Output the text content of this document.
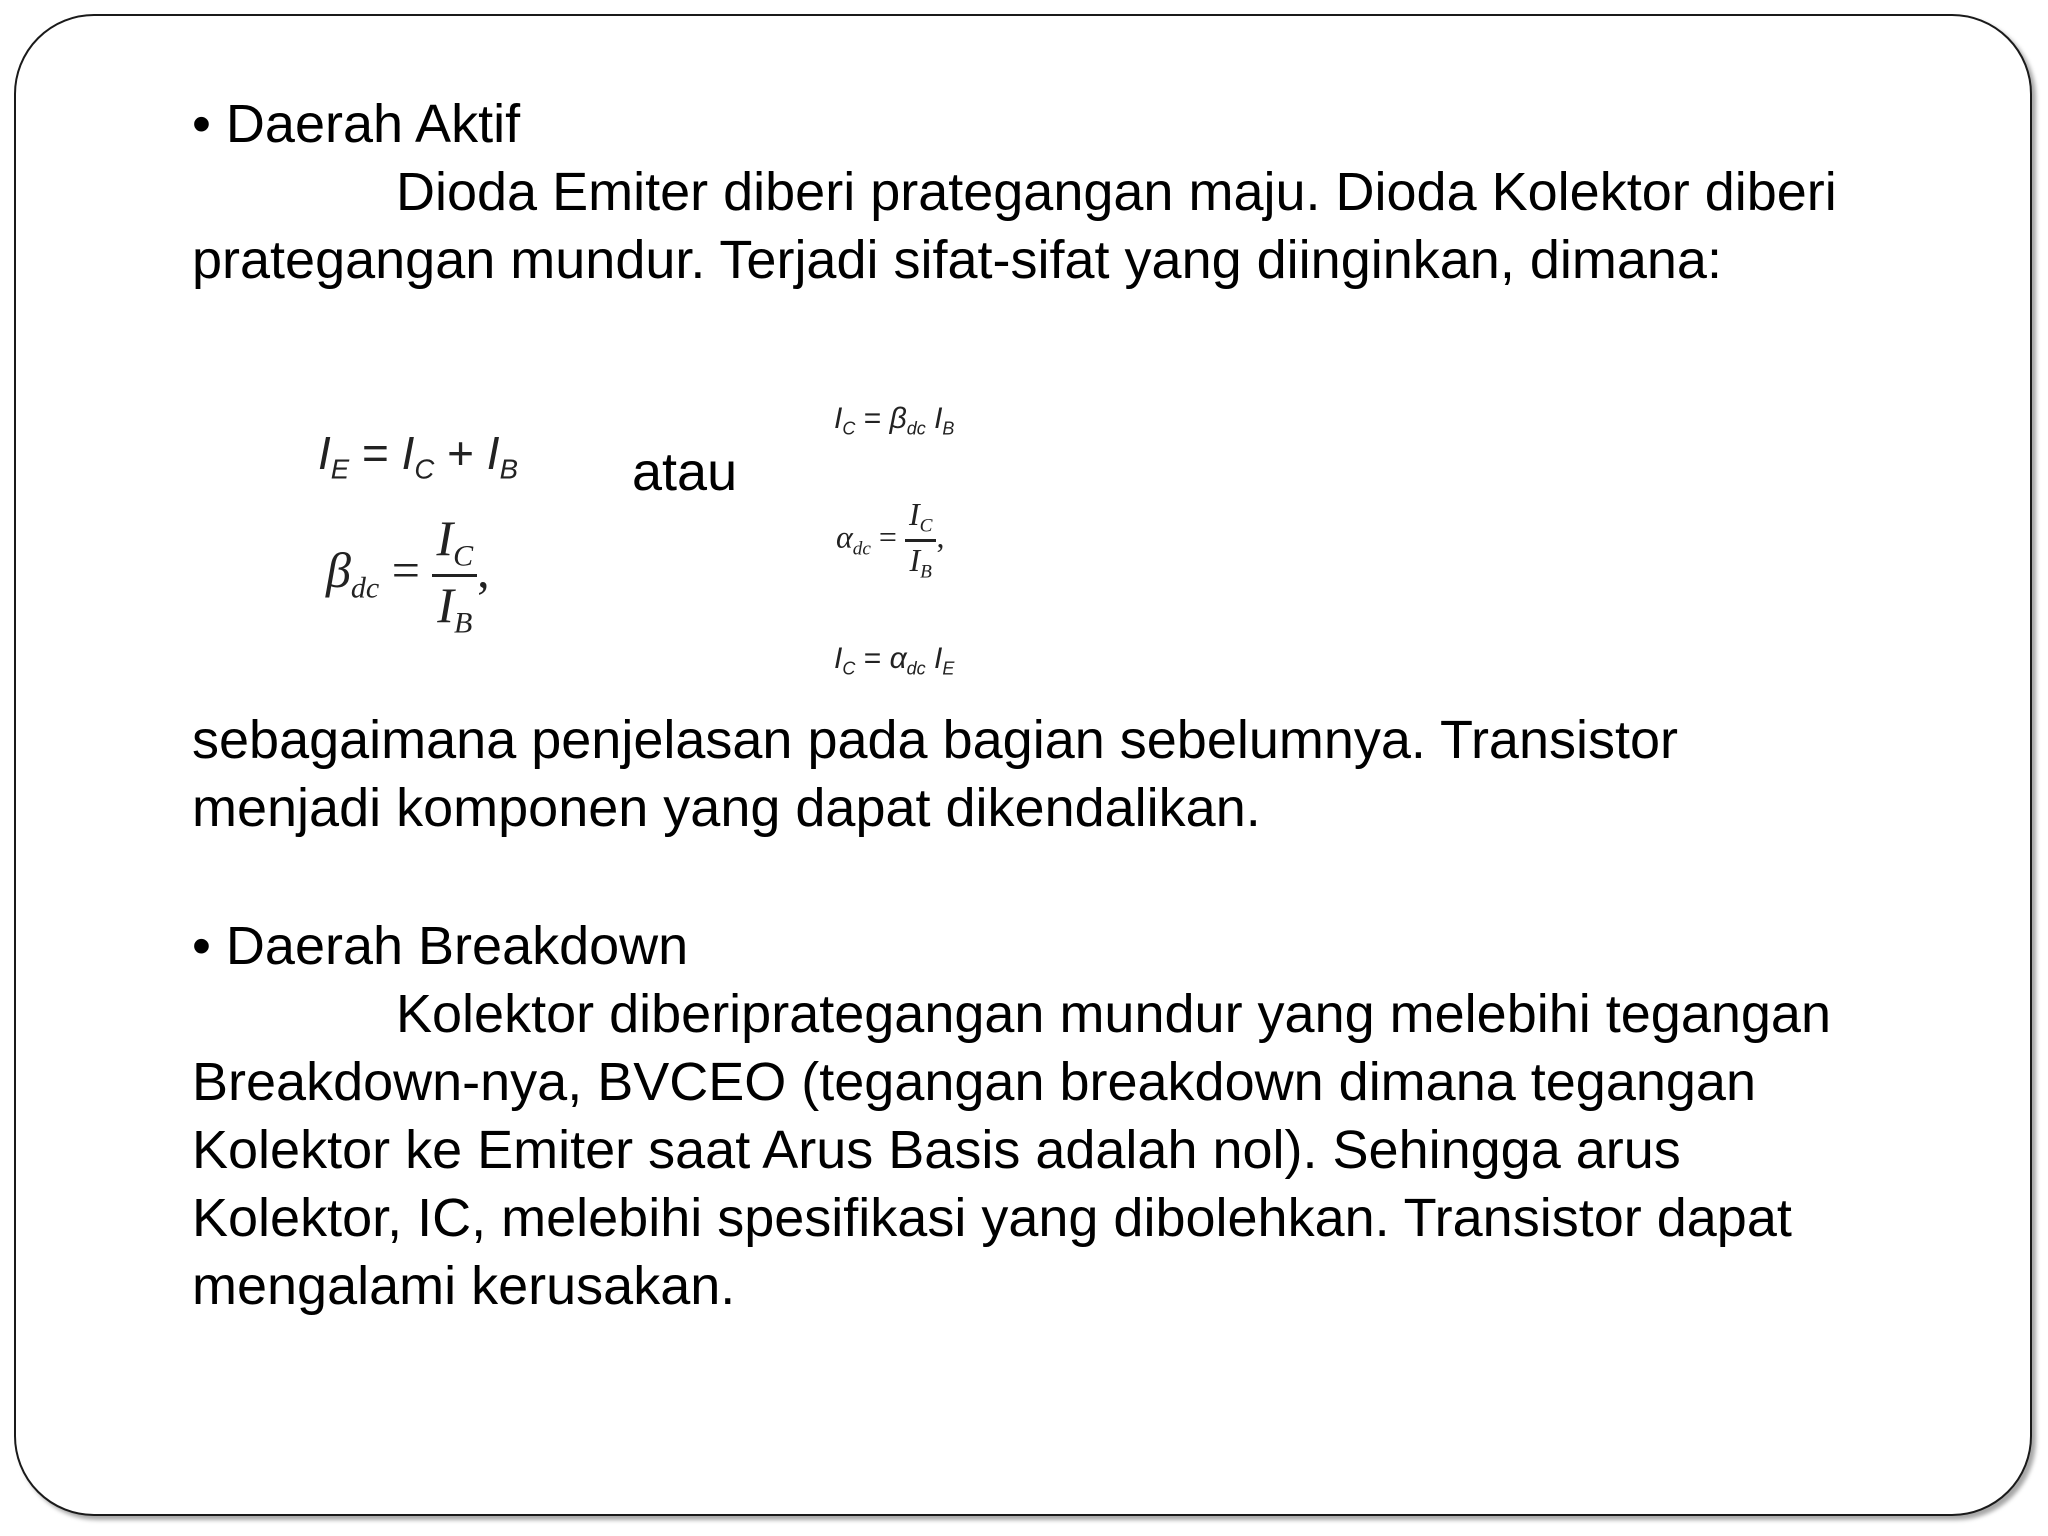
• Daerah Aktif
Dioda Emiter diberi prategangan maju. Dioda Kolektor diberi
prategangan mundur. Terjadi sifat-sifat yang diinginkan, dimana:
$I_E = I_C + I_B$
$\beta_{dc} = \frac{I_C}{I_B}$ ,
atau
$I_C = \beta_{dc}$ $I_B$
$\alpha_{dc} = \frac{I_C}{I_B}$ ,
$I_C = \alpha_{dc}$ $I_E$
sebagaimana penjelasan pada bagian sebelumnya. Transistor
menjadi komponen yang dapat dikendalikan.
• Daerah Breakdown
Kolektor diberiprategangan mundur yang melebihi tegangan
Breakdown-nya, BVCEO (tegangan breakdown dimana tegangan
Kolektor ke Emiter saat Arus Basis adalah nol). Sehingga arus
Kolektor, IC, melebihi spesifikasi yang dibolehkan. Transistor dapat
mengalami kerusakan.
